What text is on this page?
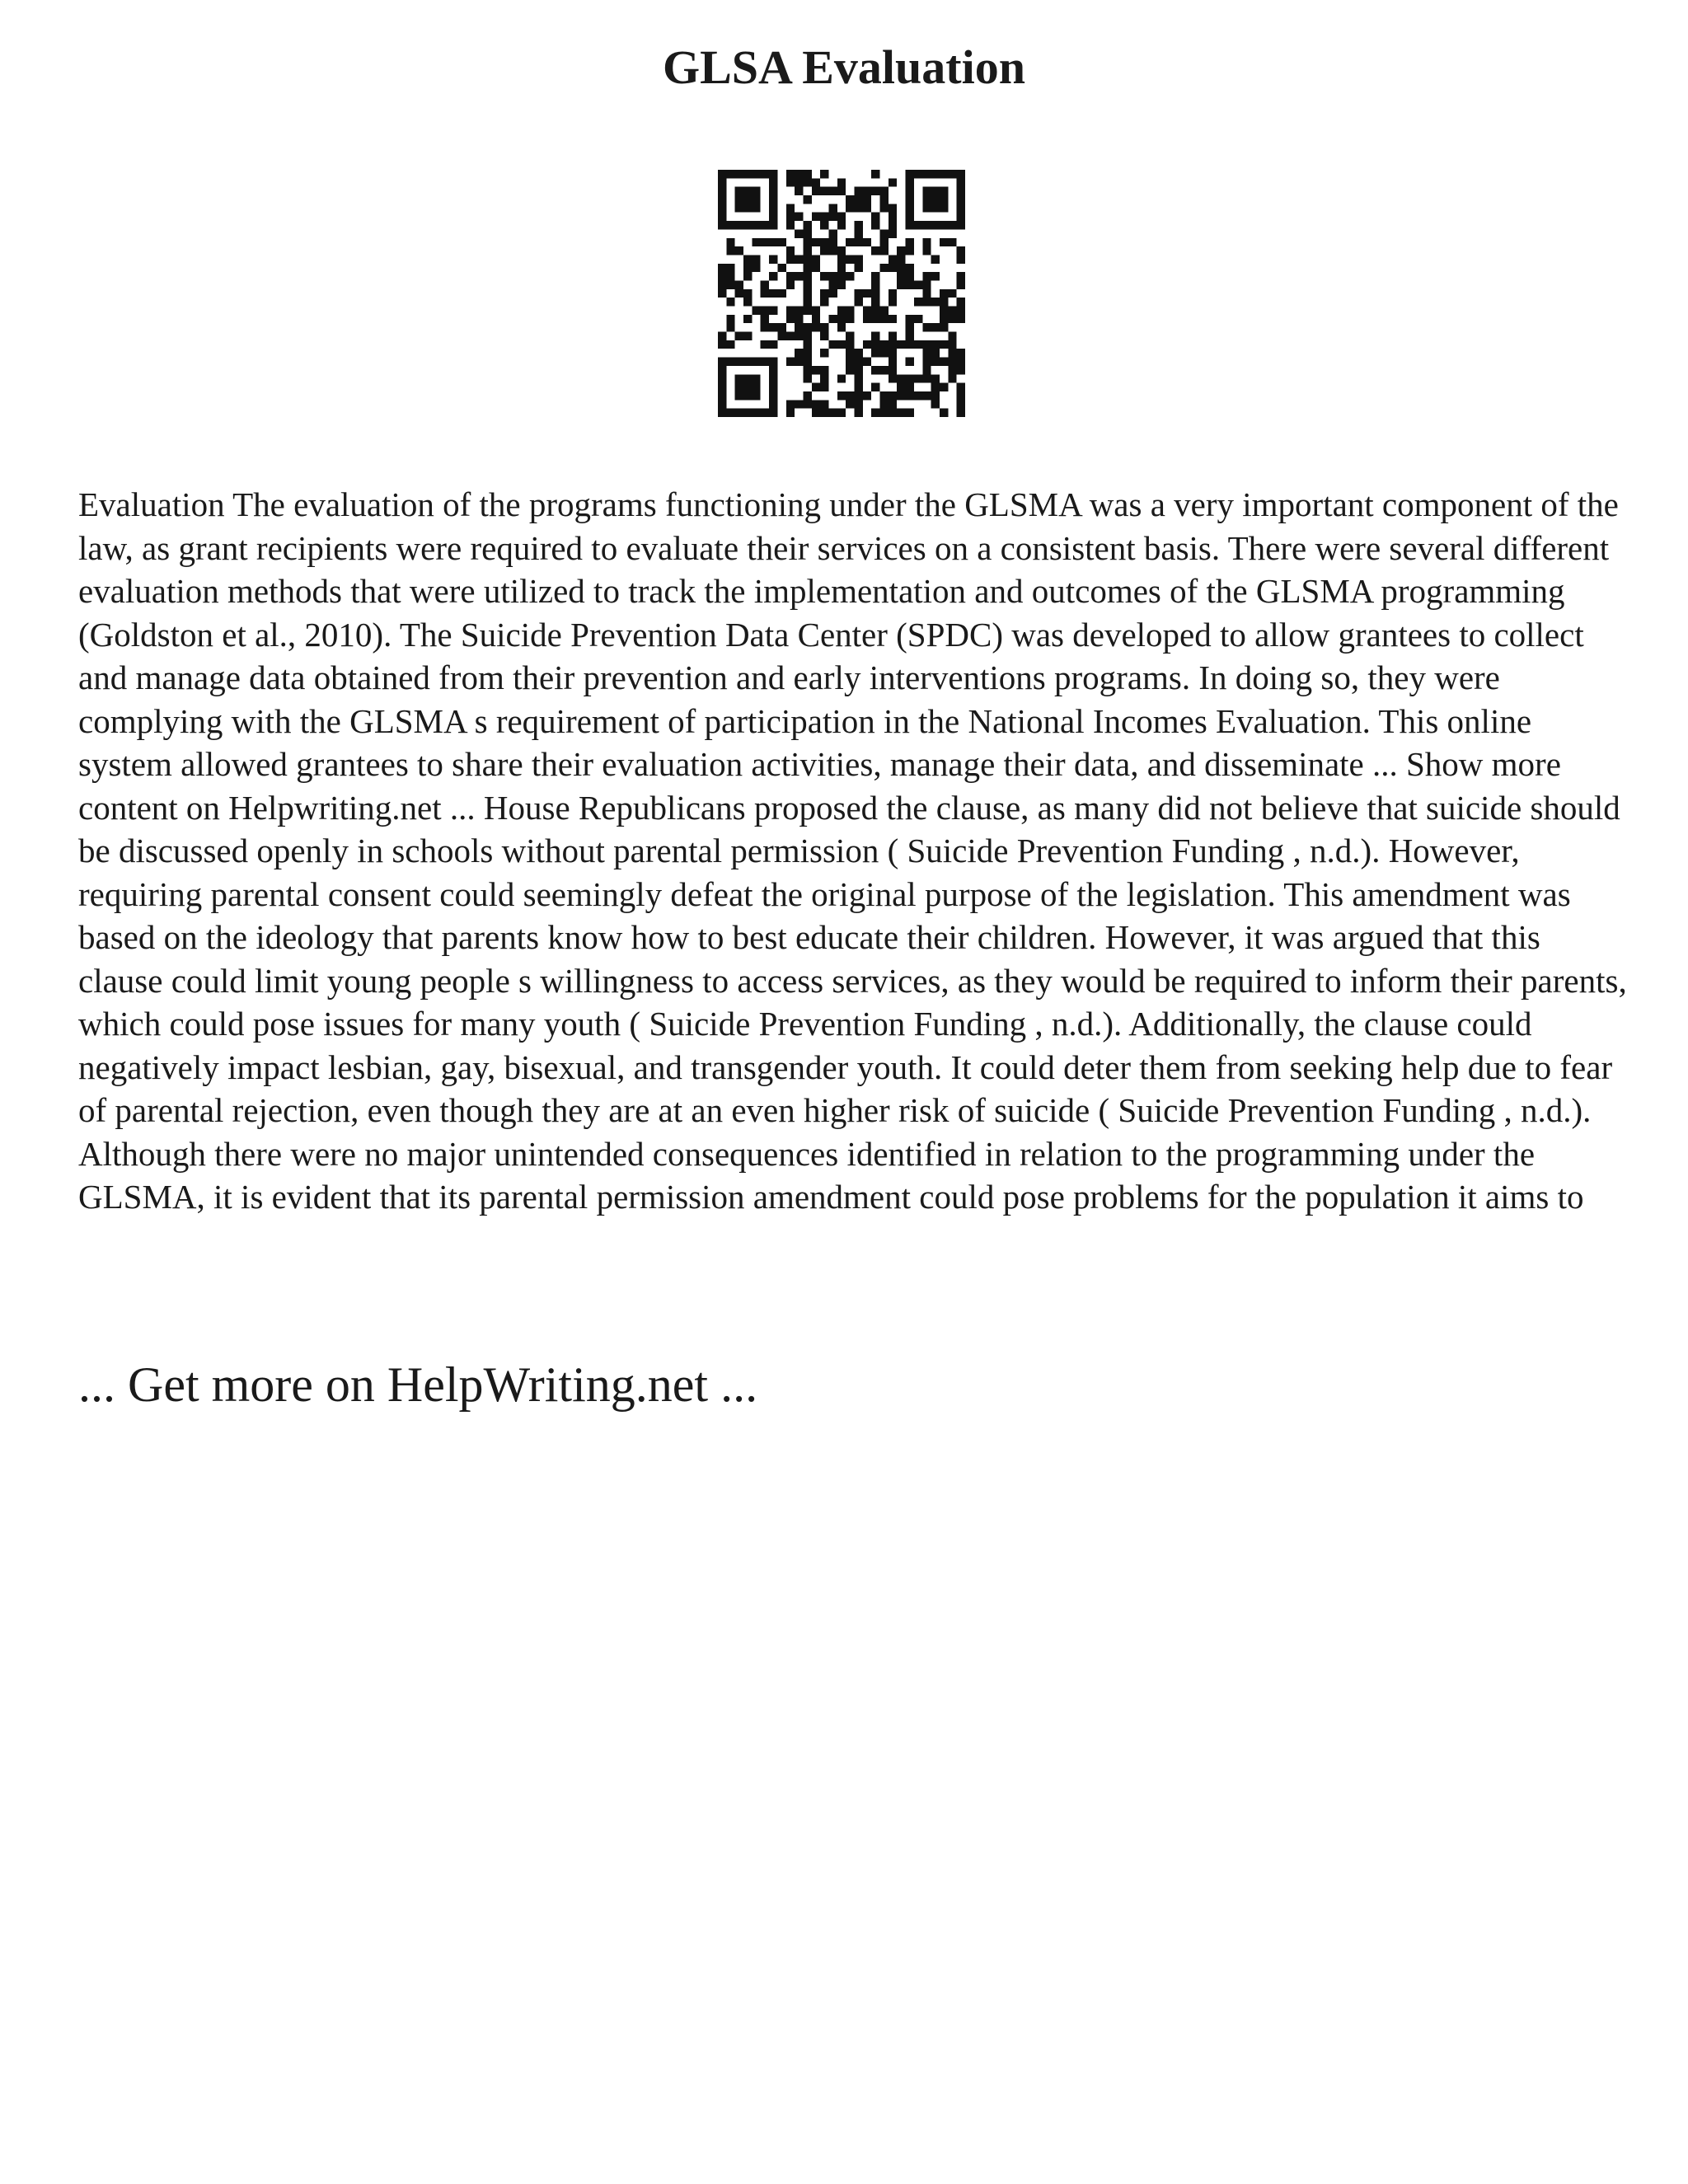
GLSA Evaluation

Evaluation The evaluation of the programs functioning under the GLSMA was a very important component of the law, as grant recipients were required to evaluate their services on a consistent basis. There were several different evaluation methods that were utilized to track the implementation and outcomes of the GLSMA programming (Goldston et al., 2010). The Suicide Prevention Data Center (SPDC) was developed to allow grantees to collect and manage data obtained from their prevention and early interventions programs. In doing so, they were complying with the GLSMA s requirement of participation in the National Incomes Evaluation. This online system allowed grantees to share their evaluation activities, manage their data, and disseminate ... Show more content on Helpwriting.net ... House Republicans proposed the clause, as many did not believe that suicide should be discussed openly in schools without parental permission ( Suicide Prevention Funding , n.d.). However, requiring parental consent could seemingly defeat the original purpose of the legislation. This amendment was based on the ideology that parents know how to best educate their children. However, it was argued that this clause could limit young people s willingness to access services, as they would be required to inform their parents, which could pose issues for many youth ( Suicide Prevention Funding , n.d.). Additionally, the clause could negatively impact lesbian, gay, bisexual, and transgender youth. It could deter them from seeking help due to fear of parental rejection, even though they are at an even higher risk of suicide ( Suicide Prevention Funding , n.d.). Although there were no major unintended consequences identified in relation to the programming under the GLSMA, it is evident that its parental permission amendment could pose problems for the population it aims to

... Get more on HelpWriting.net ...
